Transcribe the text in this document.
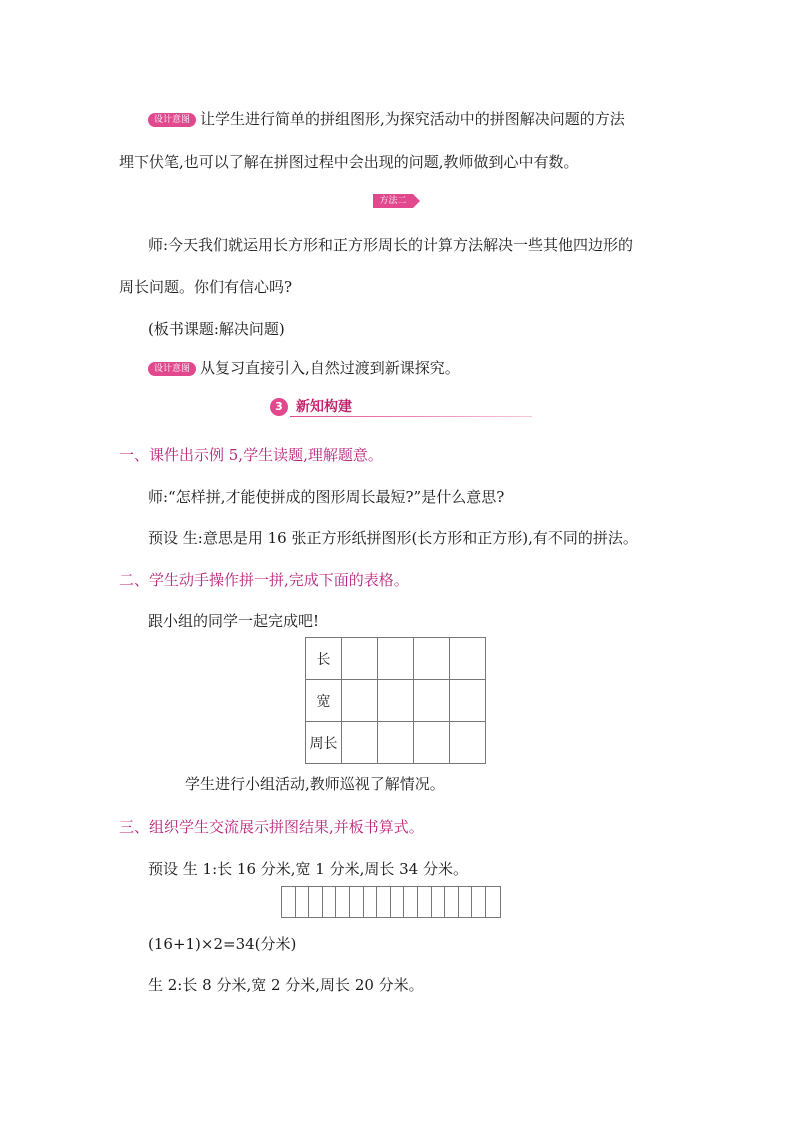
设计意图 让学生进行简单的拼组图形,为探究活动中的拼图解决问题的方法
埋下伏笔,也可以了解在拼图过程中会出现的问题,教师做到心中有数。
方法二
师:今天我们就运用长方形和正方形周长的计算方法解决一些其他四边形的
周长问题。你们有信心吗?
(板书课题:解决问题)
设计意图 从复习直接引入,自然过渡到新课探究。
3 新知构建
一、课件出示例 5,学生读题,理解题意。
师:“怎样拼,才能使拼成的图形周长最短?”是什么意思?
预设 生:意思是用 16 张正方形纸拼图形(长方形和正方形),有不同的拼法。
二、学生动手操作拼一拼,完成下面的表格。
跟小组的同学一起完成吧!
长				
宽				
周长				
学生进行小组活动,教师巡视了解情况。
三、组织学生交流展示拼图结果,并板书算式。
预设 生 1:长 16 分米,宽 1 分米,周长 34 分米。
(16+1)×2=34(分米)
生 2:长 8 分米,宽 2 分米,周长 20 分米。
